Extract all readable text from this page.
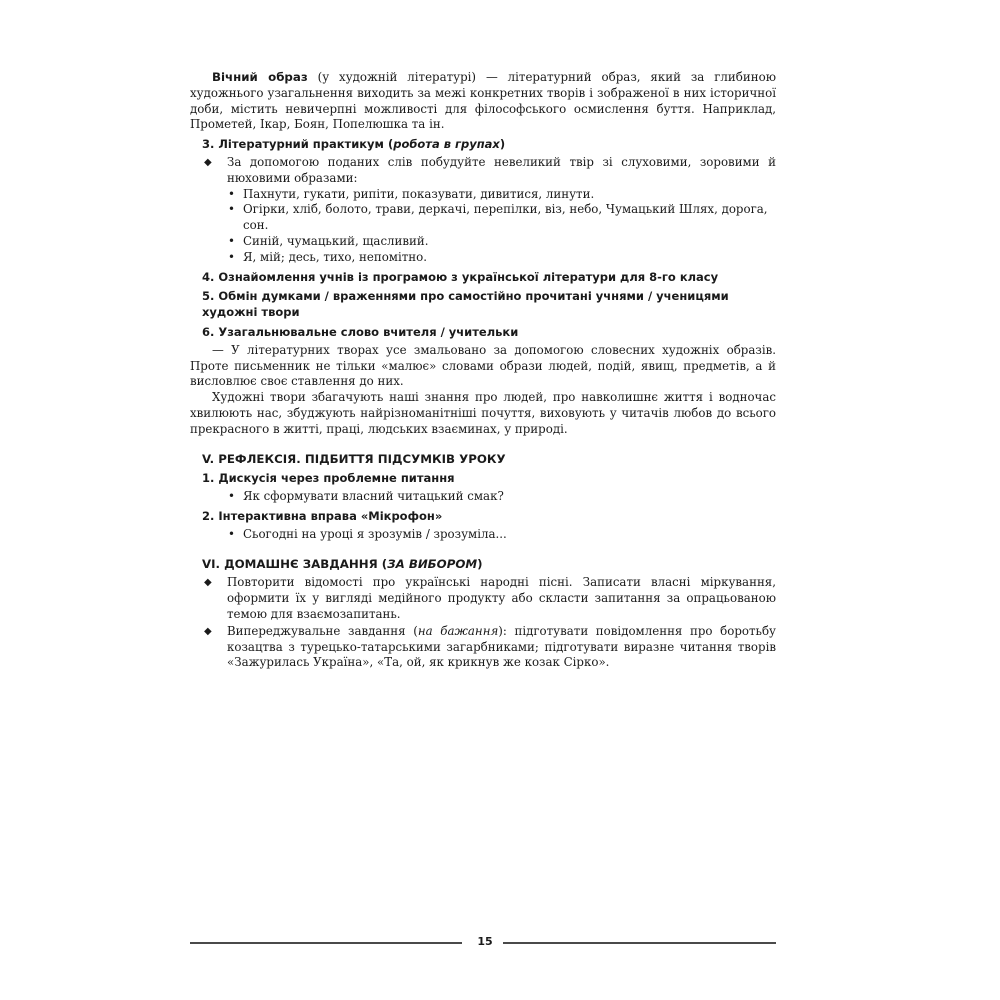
Вічний образ (у художній літературі) — літературний образ, який за глибиною художнього узагальнення виходить за межі конкретних творів і зображеної в них історичної доби, містить невичерпні можливості для філософського осмислення буття. Наприклад, Прометей, Ікар, Боян, Попелюшка та ін.

3. Літературний практикум (робота в групах)
◆ За допомогою поданих слів побудуйте невеликий твір зі слуховими, зоровими й нюховими образами:
• Пахнути, гукати, рипіти, показувати, дивитися, линути.
• Огірки, хліб, болото, трави, деркачі, перепілки, віз, небо, Чумацький Шлях, дорога, сон.
• Синій, чумацький, щасливий.
• Я, мій; десь, тихо, непомітно.
4. Ознайомлення учнів із програмою з української літератури для 8-го класу
5. Обмін думками / враженнями про самостійно прочитані учнями / ученицями художні твори
6. Узагальнювальне слово вчителя / учительки

— У літературних творах усе змальовано за допомогою словесних художніх образів. Проте письменник не тільки «малює» словами образи людей, подій, явищ, предметів, а й висловлює своє ставлення до них.

Художні твори збагачують наші знання про людей, про навколишнє життя і водночас хвилюють нас, збуджують найрізноманітніші почуття, виховують у читачів любов до всього прекрасного в житті, праці, людських взаєминах, у природі.

V. РЕФЛЕКСІЯ. ПІДБИТТЯ ПІДСУМКІВ УРОКУ
1. Дискусія через проблемне питання
• Як сформувати власний читацький смак?
2. Інтерактивна вправа «Мікрофон»
• Сьогодні на уроці я зрозумів / зрозуміла...
VI. ДОМАШНЄ ЗАВДАННЯ (ЗА ВИБОРОМ)
◆ Повторити відомості про українські народні пісні. Записати власні міркування, оформити їх у вигляді медійного продукту або скласти запитання за опрацьованою темою для взаємозапитань.
◆ Випереджувальне завдання (на бажання): підготувати повідомлення про боротьбу козацтва з турецько-татарськими загарбниками; підготувати виразне читання творів «Зажурилась Україна», «Та, ой, як крикнув же козак Сірко».
15
